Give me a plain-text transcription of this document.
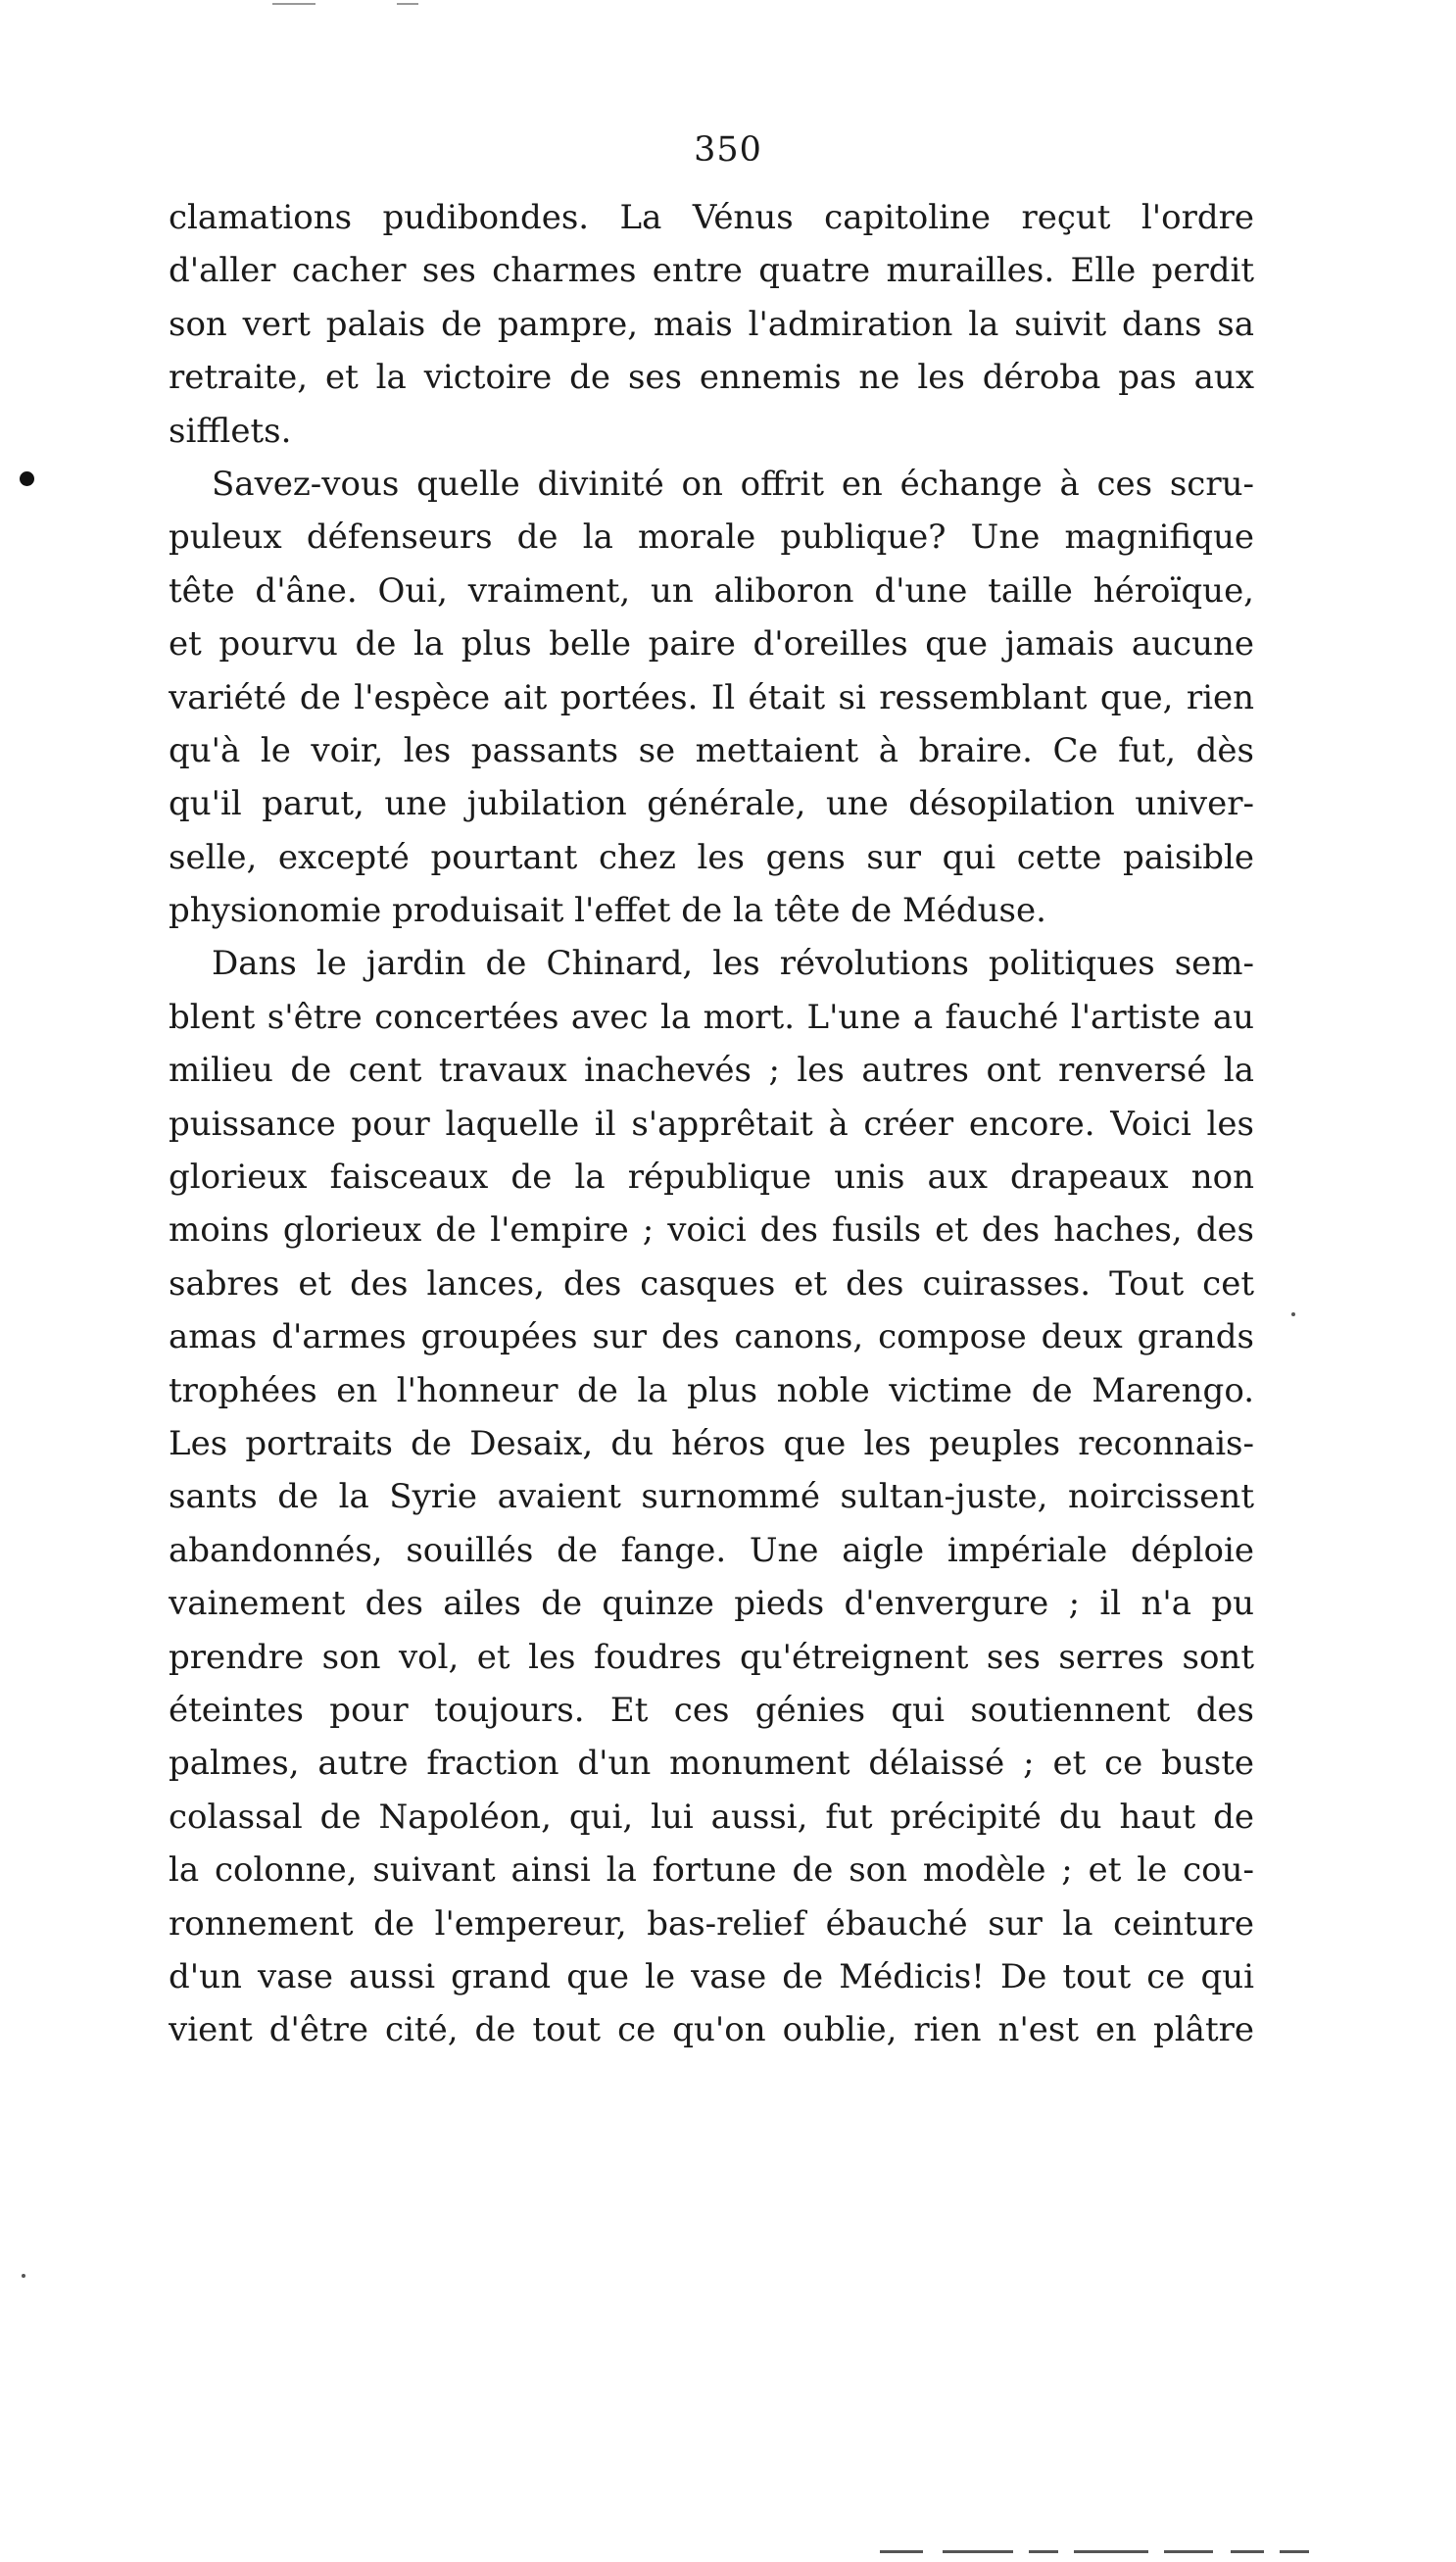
350
clamations pudibondes. La Vénus capitoline reçut l'ordre
d'aller cacher ses charmes entre quatre murailles. Elle perdit
son vert palais de pampre, mais l'admiration la suivit dans sa
retraite, et la victoire de ses ennemis ne les déroba pas aux
sifflets.
Savez-vous quelle divinité on offrit en échange à ces scru-
puleux défenseurs de la morale publique? Une magnifique
tête d'âne. Oui, vraiment, un aliboron d'une taille héroïque,
et pourvu de la plus belle paire d'oreilles que jamais aucune
variété de l'espèce ait portées. Il était si ressemblant que, rien
qu'à le voir, les passants se mettaient à braire. Ce fut, dès
qu'il parut, une jubilation générale, une désopilation univer-
selle, excepté pourtant chez les gens sur qui cette paisible
physionomie produisait l'effet de la tête de Méduse.
Dans le jardin de Chinard, les révolutions politiques sem-
blent s'être concertées avec la mort. L'une a fauché l'artiste au
milieu de cent travaux inachevés ; les autres ont renversé la
puissance pour laquelle il s'apprêtait à créer encore. Voici les
glorieux faisceaux de la république unis aux drapeaux non
moins glorieux de l'empire ; voici des fusils et des haches, des
sabres et des lances, des casques et des cuirasses. Tout cet
amas d'armes groupées sur des canons, compose deux grands
trophées en l'honneur de la plus noble victime de Marengo.
Les portraits de Desaix, du héros que les peuples reconnais-
sants de la Syrie avaient surnommé sultan-juste, noircissent
abandonnés, souillés de fange. Une aigle impériale déploie
vainement des ailes de quinze pieds d'envergure ; il n'a pu
prendre son vol, et les foudres qu'étreignent ses serres sont
éteintes pour toujours. Et ces génies qui soutiennent des
palmes, autre fraction d'un monument délaissé ; et ce buste
colassal de Napoléon, qui, lui aussi, fut précipité du haut de
la colonne, suivant ainsi la fortune de son modèle ; et le cou-
ronnement de l'empereur, bas-relief ébauché sur la ceinture
d'un vase aussi grand que le vase de Médicis! De tout ce qui
vient d'être cité, de tout ce qu'on oublie, rien n'est en plâtre
